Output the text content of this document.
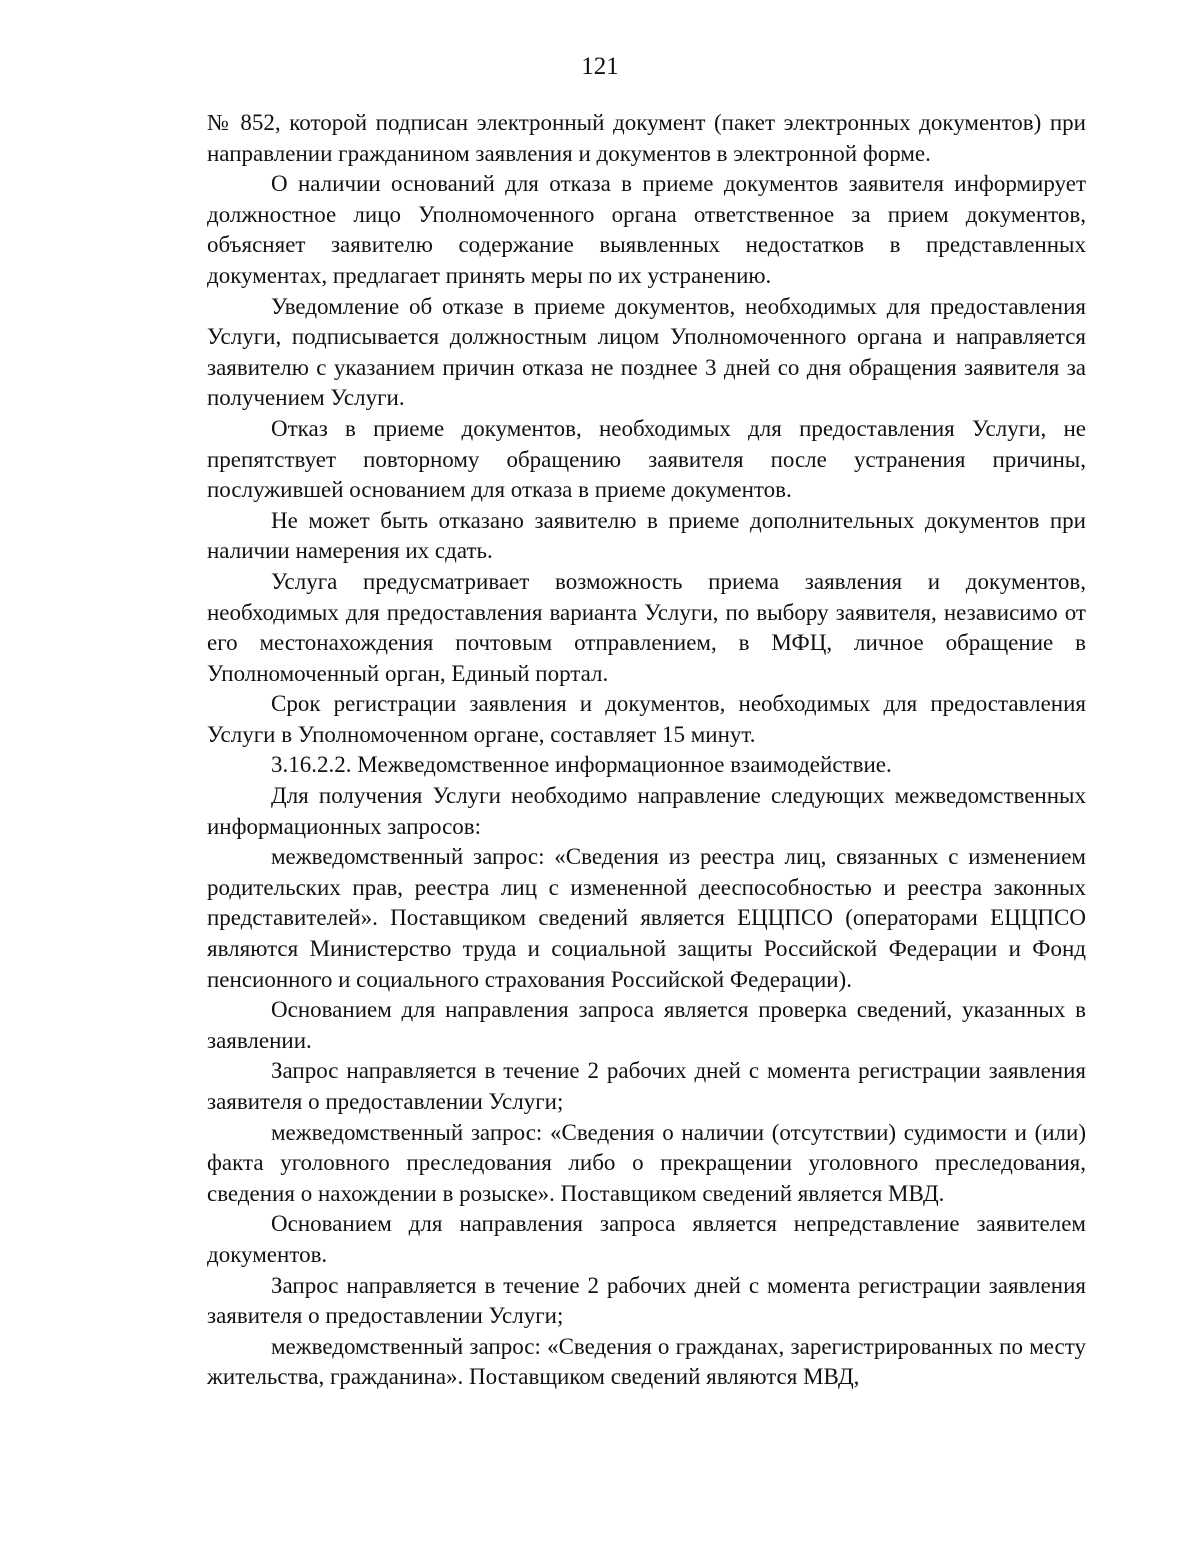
121

№ 852, которой подписан электронный документ (пакет электронных документов) при направлении гражданином заявления и документов в электронной форме.

О наличии оснований для отказа в приеме документов заявителя информирует должностное лицо Уполномоченного органа ответственное за прием документов, объясняет заявителю содержание выявленных недостатков в представленных документах, предлагает принять меры по их устранению.

Уведомление об отказе в приеме документов, необходимых для предоставления Услуги, подписывается должностным лицом Уполномоченного органа и направляется заявителю с указанием причин отказа не позднее 3 дней со дня обращения заявителя за получением Услуги.

Отказ в приеме документов, необходимых для предоставления Услуги, не препятствует повторному обращению заявителя после устранения причины, послужившей основанием для отказа в приеме документов.

Не может быть отказано заявителю в приеме дополнительных документов при наличии намерения их сдать.

Услуга предусматривает возможность приема заявления и документов, необходимых для предоставления варианта Услуги, по выбору заявителя, независимо от его местонахождения почтовым отправлением, в МФЦ, личное обращение в Уполномоченный орган, Единый портал.

Срок регистрации заявления и документов, необходимых для предоставления Услуги в Уполномоченном органе, составляет 15 минут.

3.16.2.2. Межведомственное информационное взаимодействие.

Для получения Услуги необходимо направление следующих межведомственных информационных запросов:

межведомственный запрос: «Сведения из реестра лиц, связанных с изменением родительских прав, реестра лиц с измененной дееспособностью и реестра законных представителей». Поставщиком сведений является ЕЦЦПСО (операторами ЕЦЦПСО являются Министерство труда и социальной защиты Российской Федерации и Фонд пенсионного и социального страхования Российской Федерации).

Основанием для направления запроса является проверка сведений, указанных в заявлении.

Запрос направляется в течение 2 рабочих дней с момента регистрации заявления заявителя о предоставлении Услуги;

межведомственный запрос: «Сведения о наличии (отсутствии) судимости и (или) факта уголовного преследования либо о прекращении уголовного преследования, сведения о нахождении в розыске». Поставщиком сведений является МВД.

Основанием для направления запроса является непредставление заявителем документов.

Запрос направляется в течение 2 рабочих дней с момента регистрации заявления заявителя о предоставлении Услуги;

межведомственный запрос: «Сведения о гражданах, зарегистрированных по месту жительства, гражданина». Поставщиком сведений являются МВД,
